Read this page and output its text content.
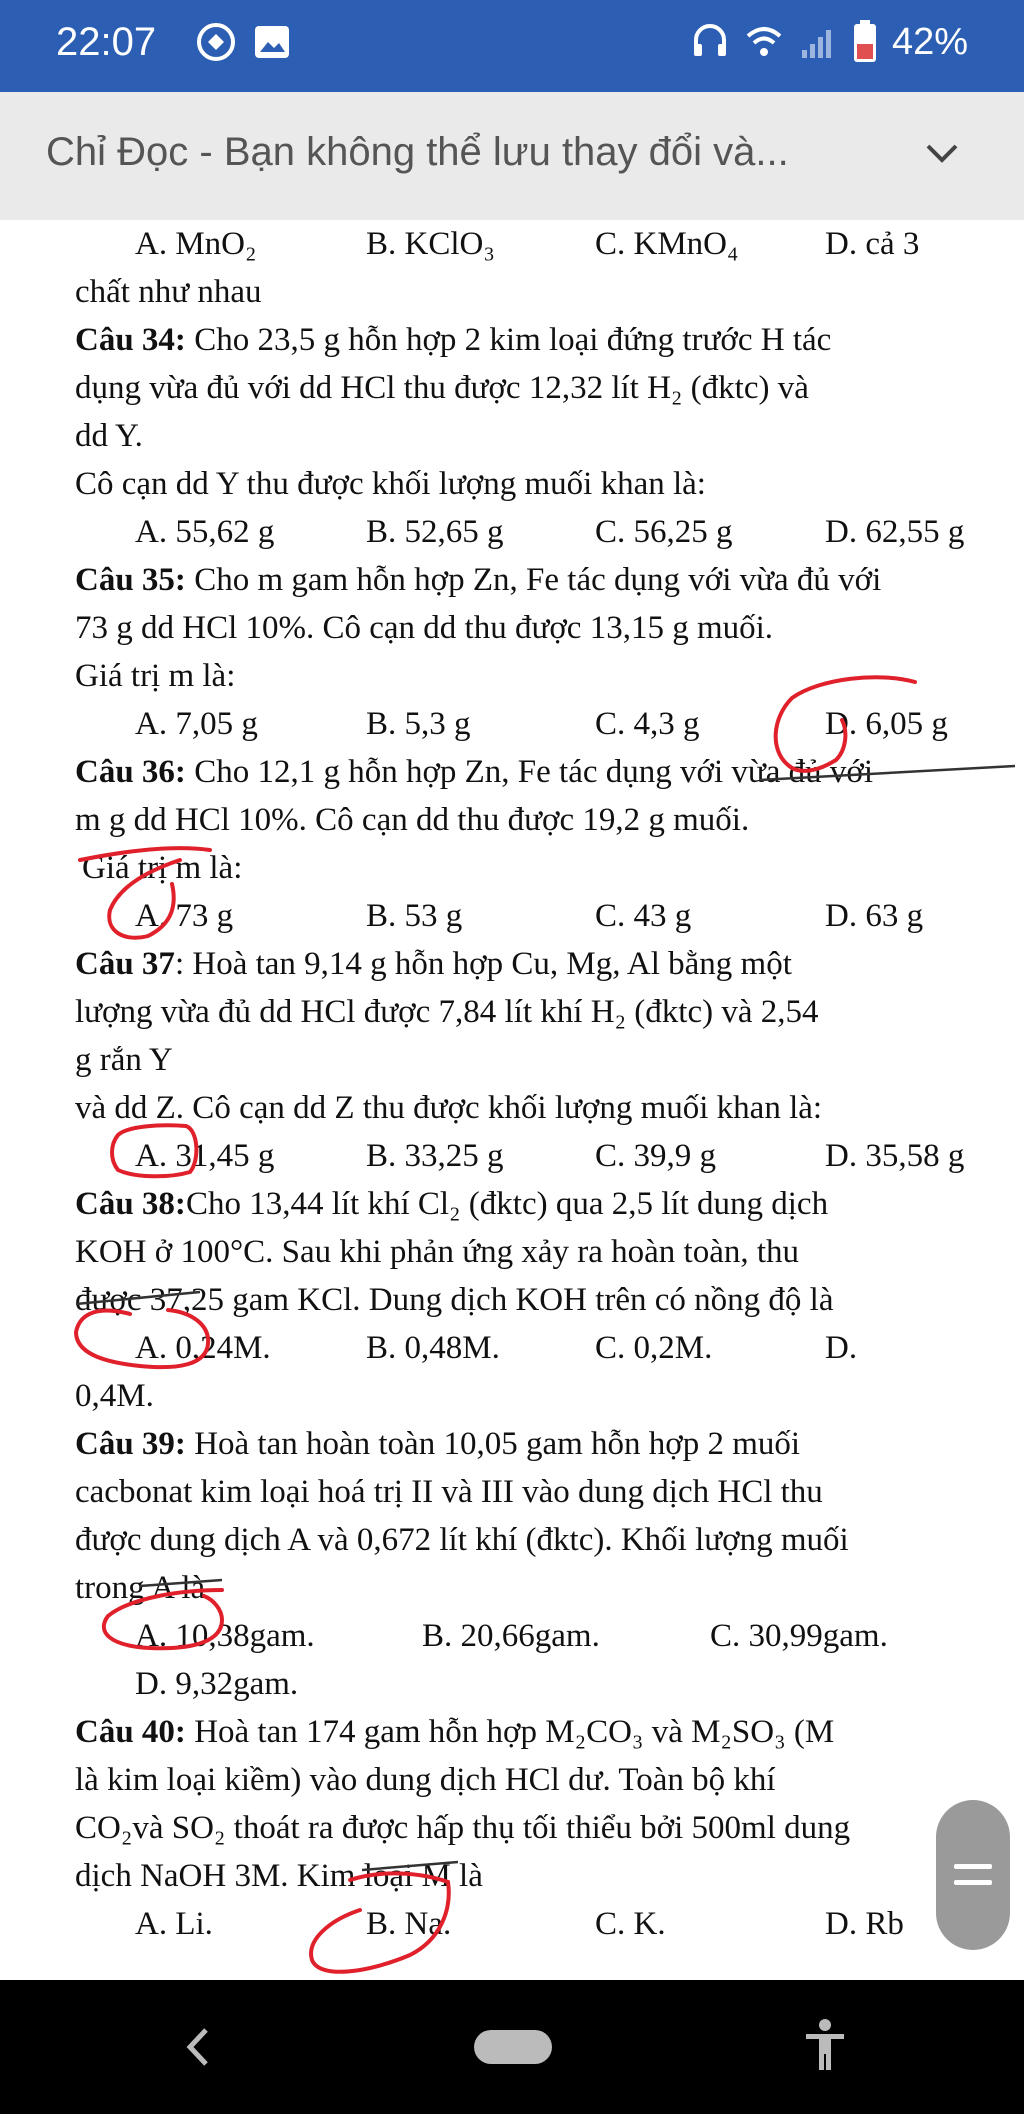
22:07	42%
Chỉ Đọc - Bạn không thể lưu thay đổi và...
A. MnO₂	B. KClO₃	C. KMnO₄	D. cả 3
chất như nhau
Câu 34: Cho 23,5 g hỗn hợp 2 kim loại đứng trước H tác
dụng vừa đủ với dd HCl thu được 12,32 lít H₂ (đktc) và
dd Y.
Cô cạn dd Y thu được khối lượng muối khan là:
A. 55,62 g	B. 52,65 g	C. 56,25 g	D. 62,55 g
Câu 35: Cho m gam hỗn hợp Zn, Fe tác dụng với vừa đủ với
73 g dd HCl 10%. Cô cạn dd thu được 13,15 g muối.
Giá trị m là:
A. 7,05 g	B. 5,3 g	C. 4,3 g	D. 6,05 g
Câu 36: Cho 12,1 g hỗn hợp Zn, Fe tác dụng với vừa đủ với
m g dd HCl 10%. Cô cạn dd thu được 19,2 g muối.
Giá trị m là:
A. 73 g	B. 53 g	C. 43 g	D. 63 g
Câu 37: Hoà tan 9,14 g hỗn hợp Cu, Mg, Al bằng một
lượng vừa đủ dd HCl được 7,84 lít khí H₂ (đktc) và 2,54
g rắn Y
và dd Z. Cô cạn dd Z thu được khối lượng muối khan là:
A. 31,45 g	B. 33,25 g	C. 39,9 g	D. 35,58 g
Câu 38:Cho 13,44 lít khí Cl₂ (đktc) qua 2,5 lít dung dịch
KOH ở 100°C. Sau khi phản ứng xảy ra hoàn toàn, thu
được 37,25 gam KCl. Dung dịch KOH trên có nồng độ là
A. 0,24M.	B. 0,48M.	C. 0,2M.	D.
0,4M.
Câu 39: Hoà tan hoàn toàn 10,05 gam hỗn hợp 2 muối
cacbonat kim loại hoá trị II và III vào dung dịch HCl thu
được dung dịch A và 0,672 lít khí (đktc). Khối lượng muối
trong A là
A. 10,38gam.	B. 20,66gam.	C. 30,99gam.
D. 9,32gam.
Câu 40: Hoà tan 174 gam hỗn hợp M₂CO₃ và M₂SO₃ (M
là kim loại kiềm) vào dung dịch HCl dư. Toàn bộ khí
CO₂và SO₂ thoát ra được hấp thụ tối thiểu bởi 500ml dung
dịch NaOH 3M. Kim loại M là
A. Li.	B. Na.	C. K.	D. Rb
